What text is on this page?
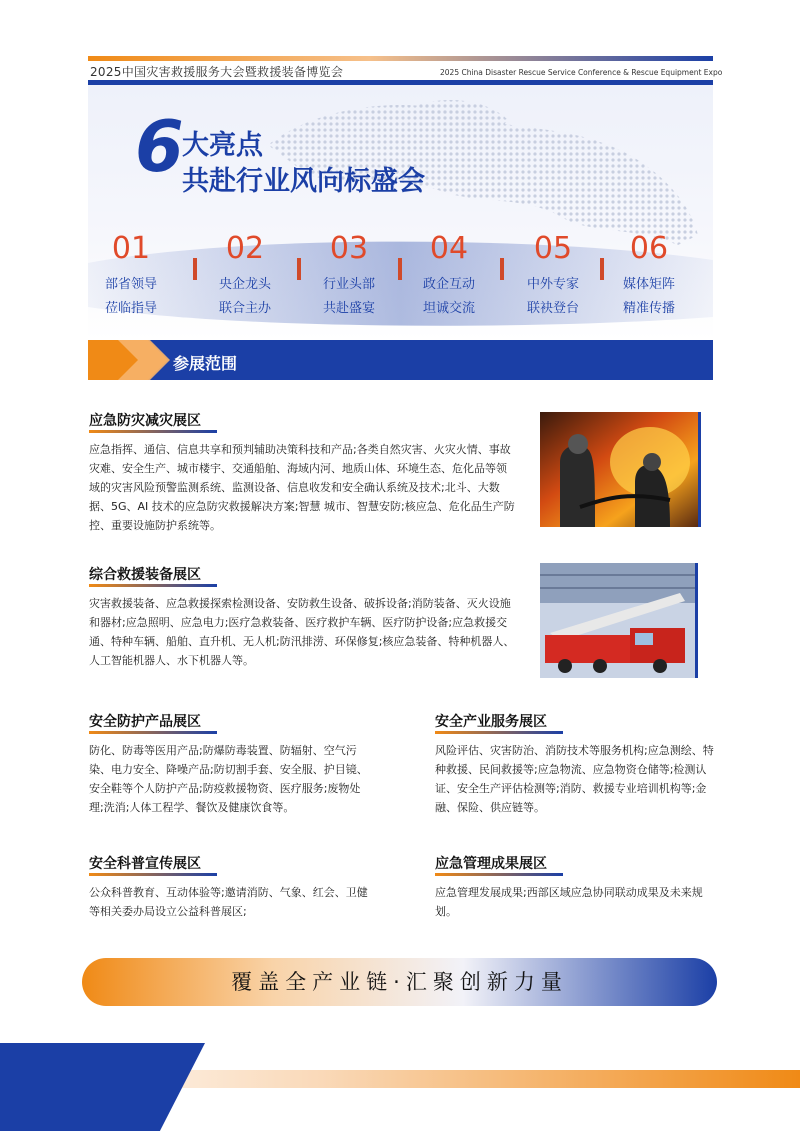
2025中国灾害救援服务大会暨救援装备博览会	2025 China Disaster Rescue Service Conference & Rescue Equipment Expo
6
大亮点
共赴行业风向标盛会
01
部省领导
莅临指导
02
央企龙头
联合主办
03
行业头部
共赴盛宴
04
政企互动
坦诚交流
05
中外专家
联袂登台
06
媒体矩阵
精准传播
参展范围
应急防灾减灾展区
应急指挥、通信、信息共享和预判辅助决策科技和产品;各类自然灾害、火灾火情、事故灾难、安全生产、城市楼宇、交通船舶、海域内河、地质山体、环境生态、危化品等领　域的灾害风险预警监测系统、监测设备、信息收发和安全确认系统及技术;北斗、大数据、5G、AI 技术的应急防灾救援解决方案;智慧 城市、智慧安防;核应急、危化品生产防控、重要设施防护系统等。
综合救援装备展区
灾害救援装备、应急救援探索检测设备、安防救生设备、破拆设备;消防装备、灭火设施和器材;应急照明、应急电力;医疗急救装备、医疗救护车辆、医疗防护设备;应急救援交通、特种车辆、船舶、直升机、无人机;防汛排涝、环保修复;核应急装备、特种机器人、人工智能机器人、水下机器人等。
安全防护产品展区
防化、防毒等医用产品;防爆防毒装置、防辐射、空气污染、电力安全、降噪产品;防切割手套、安全服、护目镜、安全鞋等个人防护产品;防疫救援物资、医疗服务;废物处理;洗消;人体工程学、餐饮及健康饮食等。
安全产业服务展区
风险评估、灾害防治、消防技术等服务机构;应急测绘、特种救援、民间救援等;应急物流、应急物资仓储等;检测认证、安全生产评估检测等;消防、救援专业培训机构等;金融、保险、供应链等。
安全科普宣传展区
公众科普教育、互动体验等;邀请消防、气象、红会、卫健等相关委办局设立公益科普展区;
应急管理成果展区
应急管理发展成果;西部区域应急协同联动成果及未来规划。
覆盖全产业链·汇聚创新力量
